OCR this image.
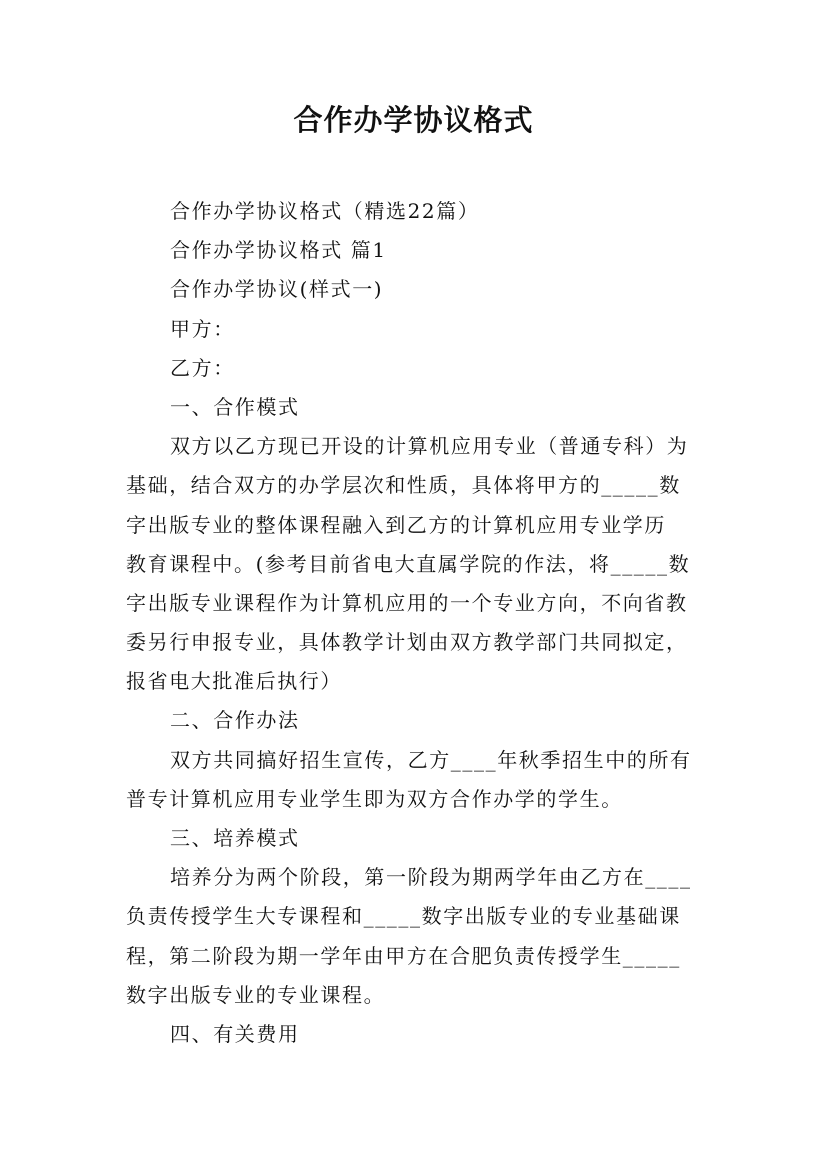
合作办学协议格式
合作办学协议格式（精选22篇）
合作办学协议格式 篇1
合作办学协议(样式一)
甲方：
乙方：
一、合作模式
双方以乙方现已开设的计算机应用专业（普通专科）为
基础，结合双方的办学层次和性质，具体将甲方的_____数
字出版专业的整体课程融入到乙方的计算机应用专业学历
教育课程中。(参考目前省电大直属学院的作法，将_____数
字出版专业课程作为计算机应用的一个专业方向，不向省教
委另行申报专业，具体教学计划由双方教学部门共同拟定，
报省电大批准后执行）
二、合作办法
双方共同搞好招生宣传，乙方____年秋季招生中的所有
普专计算机应用专业学生即为双方合作办学的学生。
三、培养模式
培养分为两个阶段，第一阶段为期两学年由乙方在____
负责传授学生大专课程和_____数字出版专业的专业基础课
程，第二阶段为期一学年由甲方在合肥负责传授学生_____
数字出版专业的专业课程。
四、有关费用
